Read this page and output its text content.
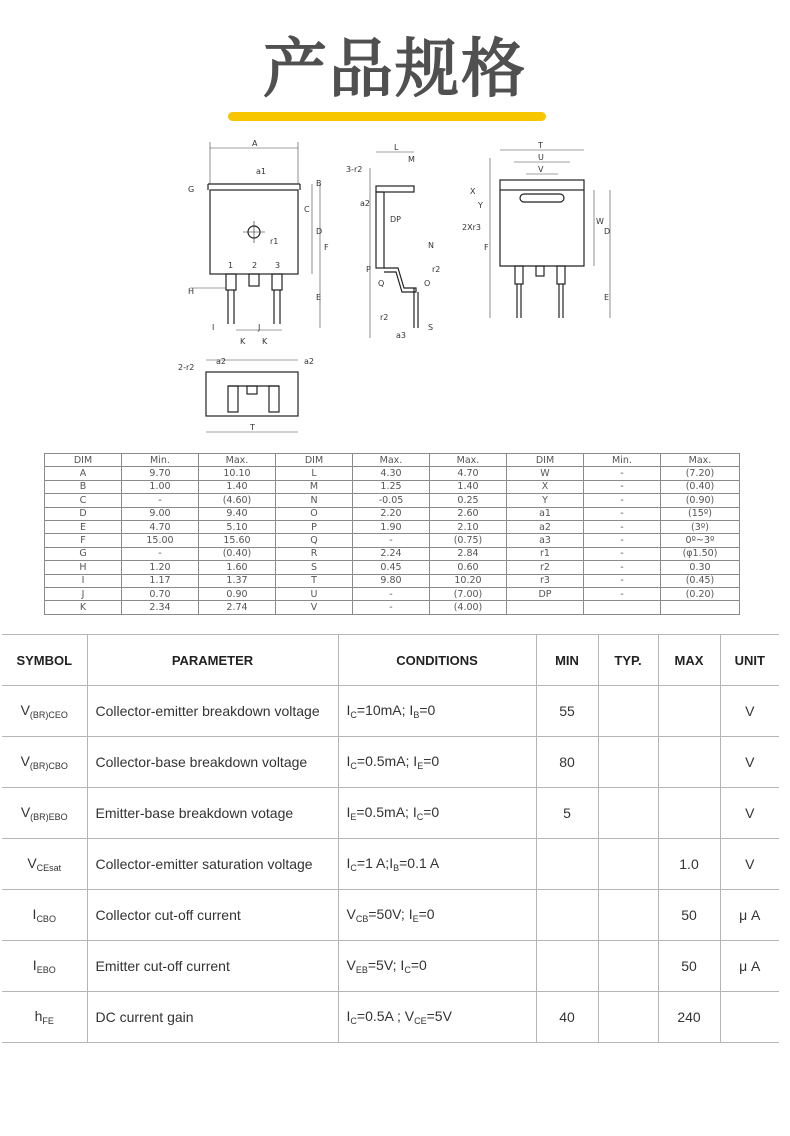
产品规格
A
a1
G
B
C
D
F
E
H
r1
1 2 3
I	J
K K
L
M
3-r2
a2
DP
N
P
Q	O
r2
r2
S
a3
T
U
V
X
Y
2Xr3
W
D
F
E
2-r2
a2	a2
T
DIM	Min.	Max.	DIM	Max.	Max.	DIM	Min.	Max.
A	9.70	10.10	L	4.30	4.70	W	-	(7.20)
B	1.00	1.40	M	1.25	1.40	X	-	(0.40)
C	-	(4.60)	N	-0.05	0.25	Y	-	(0.90)
D	9.00	9.40	O	2.20	2.60	a1	-	(15º)
E	4.70	5.10	P	1.90	2.10	a2	-	(3º)
F	15.00	15.60	Q	-	(0.75)	a3	-	0º~3º
G	-	(0.40)	R	2.24	2.84	r1	-	(φ1.50)
H	1.20	1.60	S	0.45	0.60	r2	-	0.30
I	1.17	1.37	T	9.80	10.20	r3	-	(0.45)
J	0.70	0.90	U	-	(7.00)	DP	-	(0.20)
K	2.34	2.74	V	-	(4.00)			
SYMBOL	PARAMETER	CONDITIONS	MIN	TYP.	MAX	UNIT
$V_{(BR)CEO}$	Collector-emitter breakdown voltage	$I_C=10mA$; $I_B=0$	55			V
$V_{(BR)CBO}$	Collector-base breakdown voltage	$I_C=0.5mA$; $I_E=0$	80			V
$V_{(BR)EBO}$	Emitter-base breakdown votage	$I_E=0.5mA$; $I_C=0$	5			V
$V_{CEsat}$	Collector-emitter saturation voltage	$I_C=1$ $A;I_B=0.1$ A			1.0	V
$I_{CBO}$	Collector cut-off current	$V_{CB}=50V$; $I_E=0$			50	μ A
$I_{EBO}$	Emitter cut-off current	$V_{EB}=5V$; $I_C=0$			50	μ A
$h_{FE}$	DC current gain	$I_C=0.5A$ ; $V_{CE}=5V$	40		240	
